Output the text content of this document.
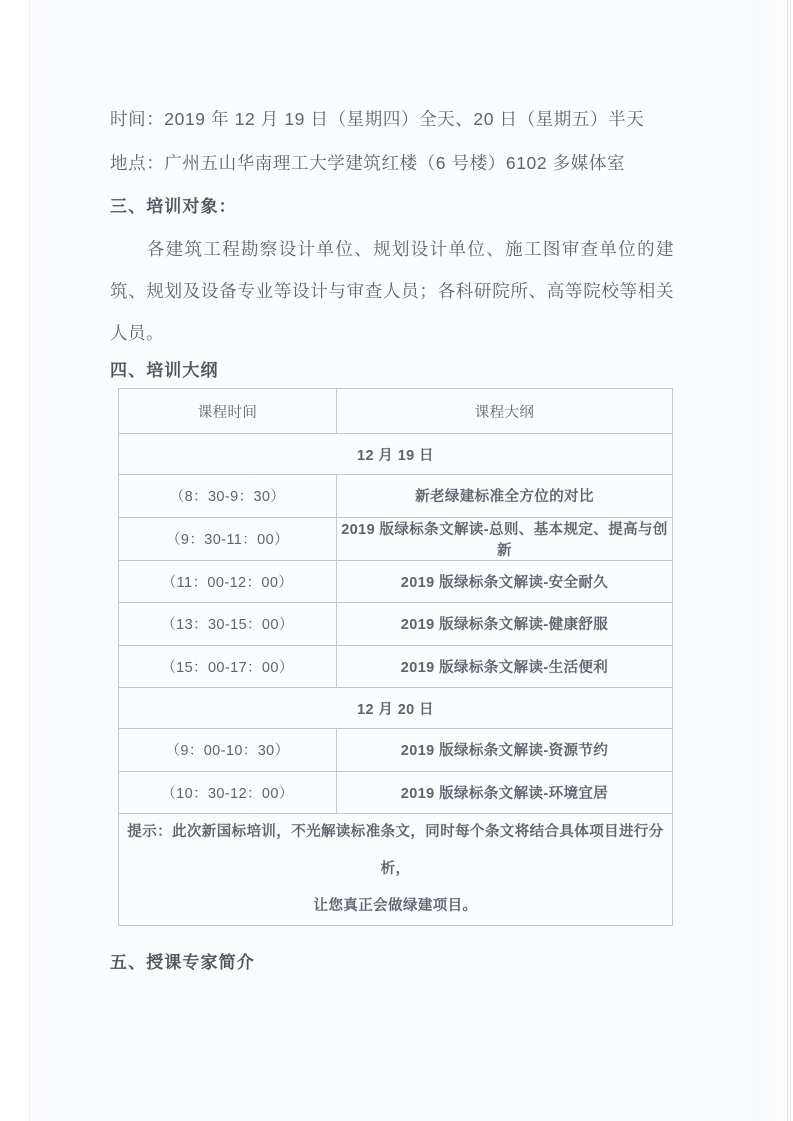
时间：2019 年 12 月 19 日（星期四）全天、20 日（星期五）半天
地点：广州五山华南理工大学建筑红楼（6 号楼）6102 多媒体室
三、培训对象：

各建筑工程勘察设计单位、规划设计单位、施工图审查单位的建筑、规划及设备专业等设计与审查人员；各科研院所、高等院校等相关人员。

四、培训大纲
课程时间	课程大纲
12 月 19 日	
（8：30-9：30）	新老绿建标准全方位的对比
（9：30-11：00）	2019 版绿标条文解读-总则、基本规定、提高与创新
（11：00-12：00）	2019 版绿标条文解读-安全耐久
（13：30-15：00）	2019 版绿标条文解读-健康舒服
（15：00-17：00）	2019 版绿标条文解读-生活便利
12 月 20 日	
（9：00-10：30）	2019 版绿标条文解读-资源节约
（10：30-12：00）	2019 版绿标条文解读-环境宜居

提示：此次新国标培训，不光解读标准条文，同时每个条文将结合具体项目进行分析，

让您真正会做绿建项目。	

五、授课专家简介
